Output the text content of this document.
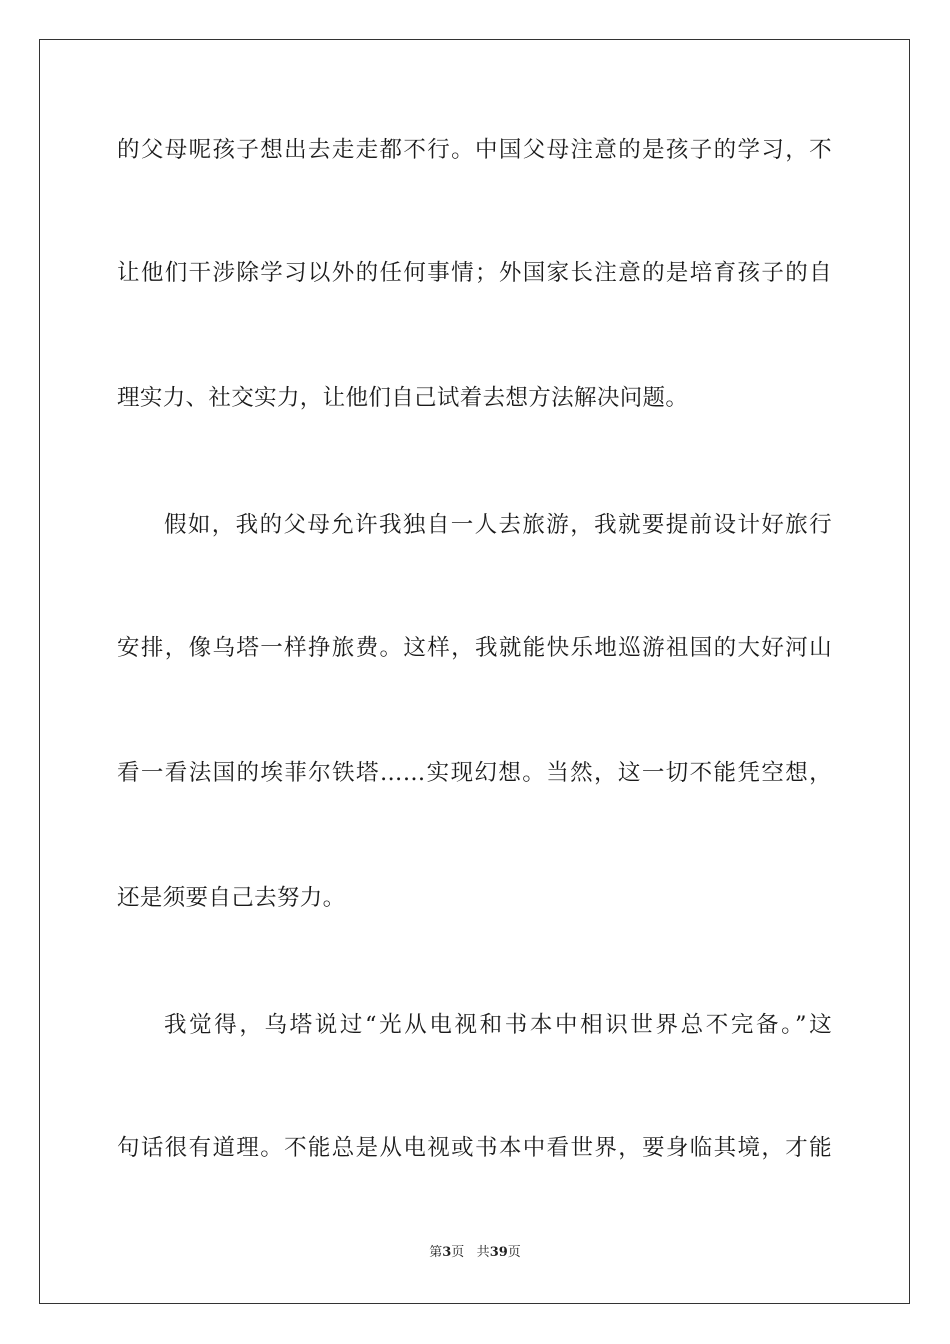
的父母呢孩子想出去走走都不行。中国父母注意的是孩子的学习，不
让他们干涉除学习以外的任何事情；外国家长注意的是培育孩子的自
理实力、社交实力，让他们自己试着去想方法解决问题。
假如，我的父母允许我独自一人去旅游，我就要提前设计好旅行
安排，像乌塔一样挣旅费。这样，我就能快乐地巡游祖国的大好河山
看一看法国的埃菲尔铁塔……实现幻想。当然，这一切不能凭空想，
还是须要自己去努力。
我觉得，乌塔说过“光从电视和书本中相识世界总不完备。”这
句话很有道理。不能总是从电视或书本中看世界，要身临其境，才能
第3页 共39页
